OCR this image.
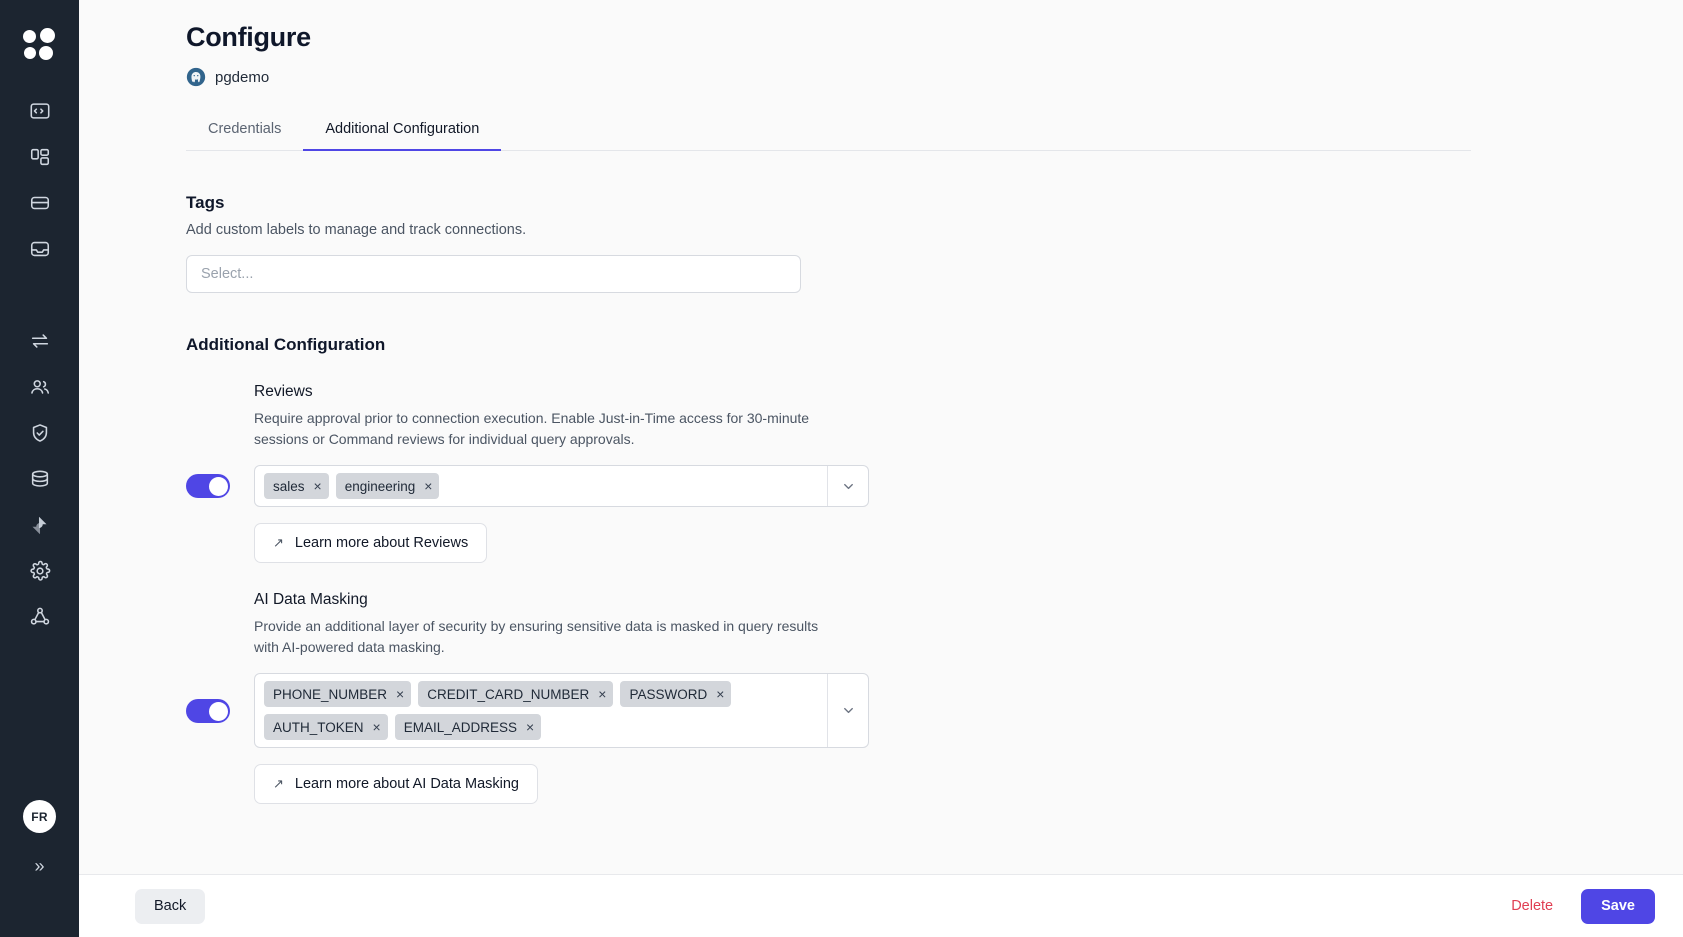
FR
»
Configure
pgdemo
Credentials	Additional Configuration
Tags
Add custom labels to manage and track connections.
Select...
Additional Configuration
Reviews
Require approval prior to connection execution. Enable Just-in-Time access for 30-minute sessions or Command reviews for individual query approvals.
sales × engineering ×
↗ Learn more about Reviews
AI Data Masking
Provide an additional layer of security by ensuring sensitive data is masked in query results with AI-powered data masking.
PHONE_NUMBER × CREDIT_CARD_NUMBER × PASSWORD ×
AUTH_TOKEN × EMAIL_ADDRESS ×
↗ Learn more about AI Data Masking
Back	Delete	Save
